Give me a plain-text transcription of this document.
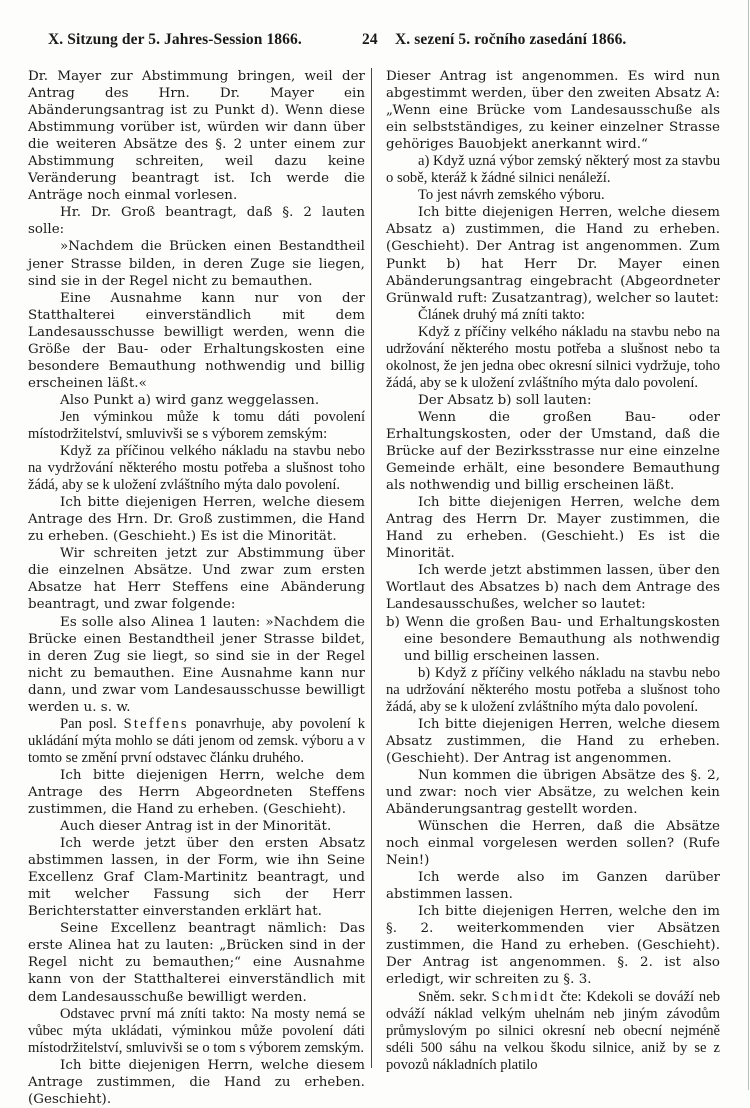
X. Sitzung der 5. Jahres-Session 1866.	24 X. sezení 5. ročního zasedání 1866.

Dr. Mayer zur Abstimmung bringen, weil der Antrag des Hrn. Dr. Mayer ein Abänderungsantrag ist zu Punkt d). Wenn diese Abstimmung vorüber ist, würden wir dann über die weiteren Absätze des §. 2 unter einem zur Abstimmung schreiten, weil dazu keine Veränderung beantragt ist. Ich werde die Anträge noch einmal vorlesen.

Hr. Dr. Groß beantragt, daß §. 2 lauten solle:

»Nachdem die Brücken einen Bestandtheil jener Strasse bilden, in deren Zuge sie liegen, sind sie in der Regel nicht zu bemauthen.

Eine Ausnahme kann nur von der Statthalterei einverständlich mit dem Landesausschusse bewilligt werden, wenn die Größe der Bau- oder Erhaltungskosten eine besondere Bemauthung nothwendig und billig erscheinen läßt.«

Also Punkt a) wird ganz weggelassen.

Jen výminkou může k tomu dáti povolení místodržitelství, smluvivši se s výborem zemským:

Když za příčinou velkého nákladu na stavbu nebo na vydržování některého mostu potřeba a slušnost toho žádá, aby se k uložení zvláštního mýta dalo povolení.

Ich bitte diejenigen Herren, welche diesem Antrage des Hrn. Dr. Groß zustimmen, die Hand zu erheben. (Geschieht.) Es ist die Minorität.

Wir schreiten jetzt zur Abstimmung über die einzelnen Absätze. Und zwar zum ersten Absatze hat Herr Steffens eine Abänderung beantragt, und zwar folgende:

Es solle also Alinea 1 lauten: »Nachdem die Brücke einen Bestandtheil jener Strasse bildet, in deren Zug sie liegt, so sind sie in der Regel nicht zu bemauthen. Eine Ausnahme kann nur dann, und zwar vom Landesausschusse bewilligt werden u. s. w.

Pan posl. Steffens ponavrhuje, aby povolení k ukládání mýta mohlo se dáti jenom od zemsk. výboru a v tomto se změní první odstavec článku druhého.

Ich bitte diejenigen Herrn, welche dem Antrage des Herrn Abgeordneten Steffens zustimmen, die Hand zu erheben. (Geschieht).

Auch dieser Antrag ist in der Minorität.

Ich werde jetzt über den ersten Absatz abstimmen lassen, in der Form, wie ihn Seine Excellenz Graf Clam-Martinitz beantragt, und mit welcher Fassung sich der Herr Berichterstatter einverstanden erklärt hat.

Seine Excellenz beantragt nämlich: Das erste Alinea hat zu lauten: „Brücken sind in der Regel nicht zu bemauthen;“ eine Ausnahme kann von der Statthalterei einverständlich mit dem Landesausschuße bewilligt werden.

Odstavec první má zníti takto: Na mosty nemá se vůbec mýta ukládati, výminkou může povolení dáti místodržitelství, smluvivši se o tom s výborem zemským.

Ich bitte diejenigen Herrn, welche diesem Antrage zustimmen, die Hand zu erheben. (Geschieht).

Dieser Antrag ist angenommen. Es wird nun abgestimmt werden, über den zweiten Absatz A: „Wenn eine Brücke vom Landesausschuße als ein selbstständiges, zu keiner einzelner Strasse gehöriges Bauobjekt anerkannt wird.“

a) Když uzná výbor zemský některý most za stavbu o sobě, kteráž k žádné silnici nenáleží.

To jest návrh zemského výboru.

Ich bitte diejenigen Herren, welche diesem Absatz a) zustimmen, die Hand zu erheben. (Geschieht). Der Antrag ist angenommen. Zum Punkt b) hat Herr Dr. Mayer einen Abänderungsantrag eingebracht (Abgeordneter Grünwald ruft: Zusatzantrag), welcher so lautet:

Článek druhý má zníti takto:

Když z příčiny velkého nákladu na stavbu nebo na udržování některého mostu potřeba a slušnost nebo ta okolnost, že jen jedna obec okresní silnici vydržuje, toho žádá, aby se k uložení zvláštního mýta dalo povolení.

Der Absatz b) soll lauten:

Wenn die großen Bau- oder Erhaltungskosten, oder der Umstand, daß die Brücke auf der Bezirksstrasse nur eine einzelne Gemeinde erhält, eine besondere Bemauthung als nothwendig und billig erscheinen läßt.

Ich bitte diejenigen Herren, welche dem Antrag des Herrn Dr. Mayer zustimmen, die Hand zu erheben. (Geschieht.) Es ist die Minorität.

Ich werde jetzt abstimmen lassen, über den Wortlaut des Absatzes b) nach dem Antrage des Landesausschußes, welcher so lautet:

b) Wenn die großen Bau- und Erhaltungskosten eine besondere Bemauthung als nothwendig und billig erscheinen lassen.

b) Když z příčiny velkého nákladu na stavbu nebo na udržování některého mostu potřeba a slušnost toho žádá, aby se k uložení zvláštního mýta dalo povolení.

Ich bitte diejenigen Herren, welche diesem Absatz zustimmen, die Hand zu erheben. (Geschieht). Der Antrag ist angenommen.

Nun kommen die übrigen Absätze des §. 2, und zwar: noch vier Absätze, zu welchen kein Abänderungsantrag gestellt worden.

Wünschen die Herren, daß die Absätze noch einmal vorgelesen werden sollen? (Rufe Nein!)

Ich werde also im Ganzen darüber abstimmen lassen.

Ich bitte diejenigen Herren, welche den im §. 2. weiterkommenden vier Absätzen zustimmen, die Hand zu erheben. (Geschieht). Der Antrag ist angenommen. §. 2. ist also erledigt, wir schreiten zu §. 3.

Sněm. sekr. Schmidt čte: Kdekoli se dováží neb odváží náklad velkým uhelnám neb jiným závodům průmyslovým po silnici okresní neb obecní nejméně sdéli 500 sáhu na velkou škodu silnice, aniž by se z povozů nákladních platilo
